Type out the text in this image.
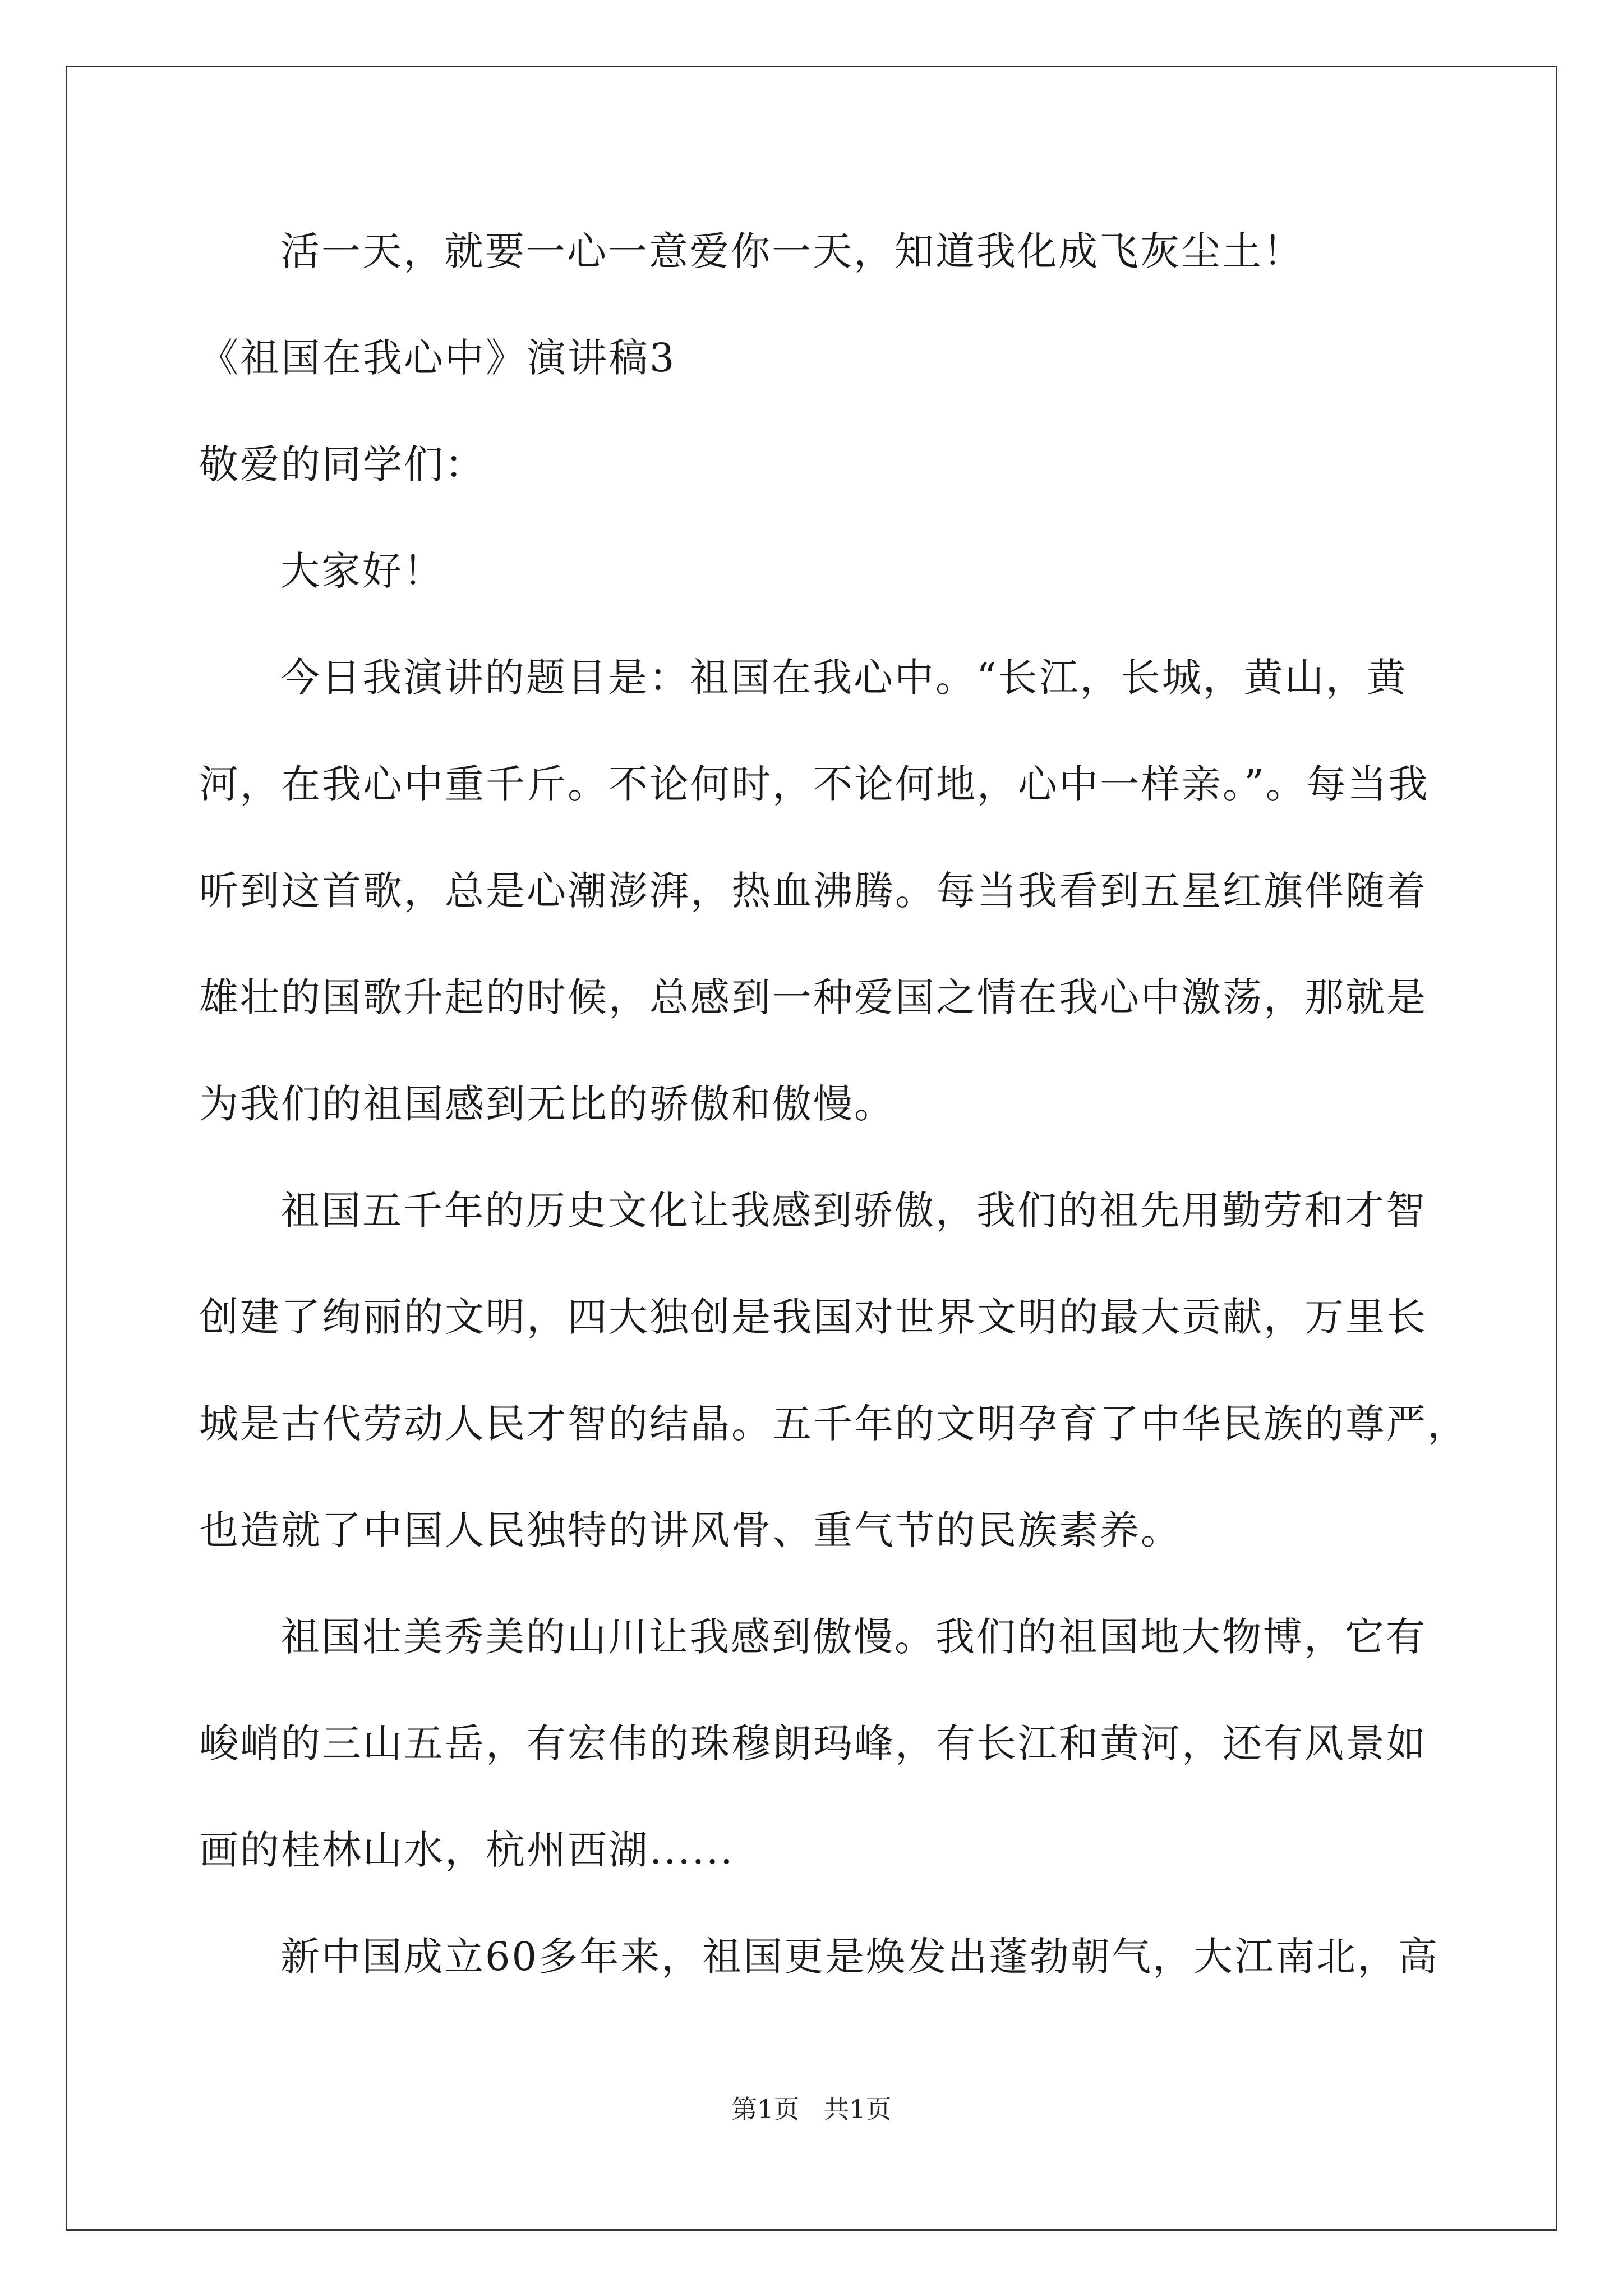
活一天，就要一心一意爱你一天，知道我化成飞灰尘土！
《祖国在我心中》演讲稿3
敬爱的同学们：
大家好！
今日我演讲的题目是：祖国在我心中。“长江，长城，黄山，黄
河，在我心中重千斤。不论何时，不论何地，心中一样亲。”。每当我
听到这首歌，总是心潮澎湃，热血沸腾。每当我看到五星红旗伴随着
雄壮的国歌升起的时候，总感到一种爱国之情在我心中激荡，那就是
为我们的祖国感到无比的骄傲和傲慢。
祖国五千年的历史文化让我感到骄傲，我们的祖先用勤劳和才智
创建了绚丽的文明，四大独创是我国对世界文明的最大贡献，万里长
城是古代劳动人民才智的结晶。五千年的文明孕育了中华民族的尊严，
也造就了中国人民独特的讲风骨、重气节的民族素养。
祖国壮美秀美的山川让我感到傲慢。我们的祖国地大物博，它有
峻峭的三山五岳，有宏伟的珠穆朗玛峰，有长江和黄河，还有风景如
画的桂林山水，杭州西湖......
新中国成立60多年来，祖国更是焕发出蓬勃朝气，大江南北，高
第1页 共1页
